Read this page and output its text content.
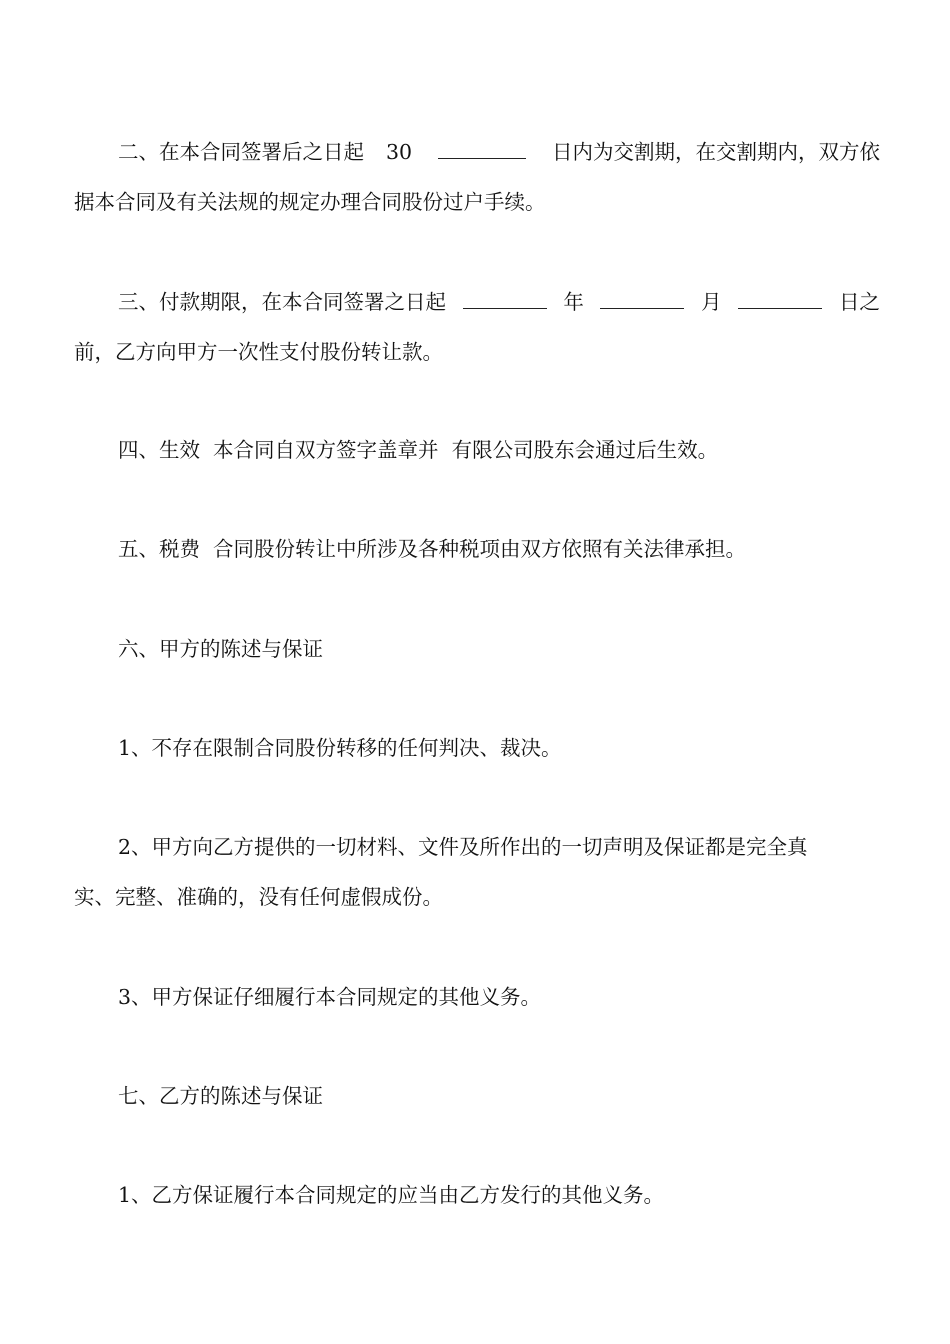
二、在本合同签署后之日起 30	日内为交割期，在交割期内，双方依
据本合同及有关法规的规定办理合同股份过户手续。
三、付款期限，在本合同签署之日起	年	月	日之
前，乙方向甲方一次性支付股份转让款。
四、生效  本合同自双方签字盖章并  有限公司股东会通过后生效。
五、税费  合同股份转让中所涉及各种税项由双方依照有关法律承担。
六、甲方的陈述与保证
1、不存在限制合同股份转移的任何判决、裁决。
2、甲方向乙方提供的一切材料、文件及所作出的一切声明及保证都是完全真
实、完整、准确的，没有任何虚假成份。
3、甲方保证仔细履行本合同规定的其他义务。
七、乙方的陈述与保证
1、乙方保证履行本合同规定的应当由乙方发行的其他义务。
